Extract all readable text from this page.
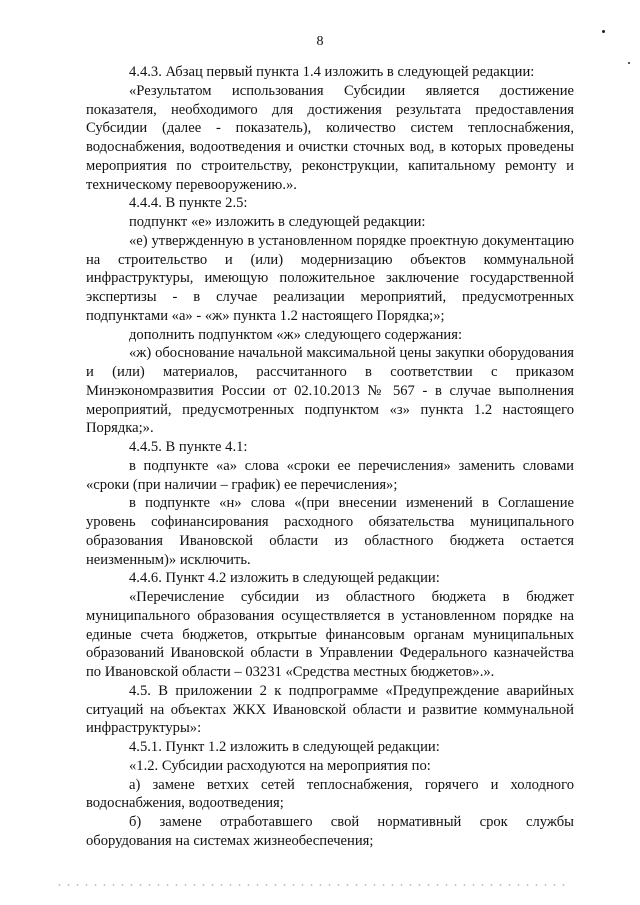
8

4.4.3. Абзац первый пункта 1.4 изложить в следующей редакции:

«Результатом использования Субсидии является достижение показателя, необходимого для достижения результата предоставления Субсидии (далее - показатель), количество систем теплоснабжения, водоснабжения, водоотведения и очистки сточных вод, в которых проведены мероприятия по строительству, реконструкции, капитальному ремонту и техническому перевооружению.».

4.4.4. В пункте 2.5:

подпункт «е» изложить в следующей редакции:

«е) утвержденную в установленном порядке проектную документацию на строительство и (или) модернизацию объектов коммунальной инфраструктуры, имеющую положительное заключение государственной экспертизы - в случае реализации мероприятий, предусмотренных подпунктами «а» - «ж» пункта 1.2 настоящего Порядка;»;

дополнить подпунктом «ж» следующего содержания:

«ж) обоснование начальной максимальной цены закупки оборудования и (или) материалов, рассчитанного в соответствии с приказом Минэкономразвития России от 02.10.2013 № 567 - в случае выполнения мероприятий, предусмотренных подпунктом «з» пункта 1.2 настоящего Порядка;».

4.4.5. В пункте 4.1:

в подпункте «а» слова «сроки ее перечисления» заменить словами «сроки (при наличии – график) ее перечисления»;

в подпункте «н» слова «(при внесении изменений в Соглашение уровень софинансирования расходного обязательства муниципального образования Ивановской области из областного бюджета остается неизменным)» исключить.

4.4.6. Пункт 4.2 изложить в следующей редакции:

«Перечисление субсидии из областного бюджета в бюджет муниципального образования осуществляется в установленном порядке на единые счета бюджетов, открытые финансовым органам муниципальных образований Ивановской области в Управлении Федерального казначейства по Ивановской области – 03231 «Средства местных бюджетов».».

4.5. В приложении 2 к подпрограмме «Предупреждение аварийных ситуаций на объектах ЖКХ Ивановской области и развитие коммунальной инфраструктуры»:

4.5.1. Пункт 1.2 изложить в следующей редакции:

«1.2. Субсидии расходуются на мероприятия по:

а) замене ветхих сетей теплоснабжения, горячего и холодного водоснабжения, водоотведения;

б) замене отработавшего свой нормативный срок службы оборудования на системах жизнеобеспечения;
